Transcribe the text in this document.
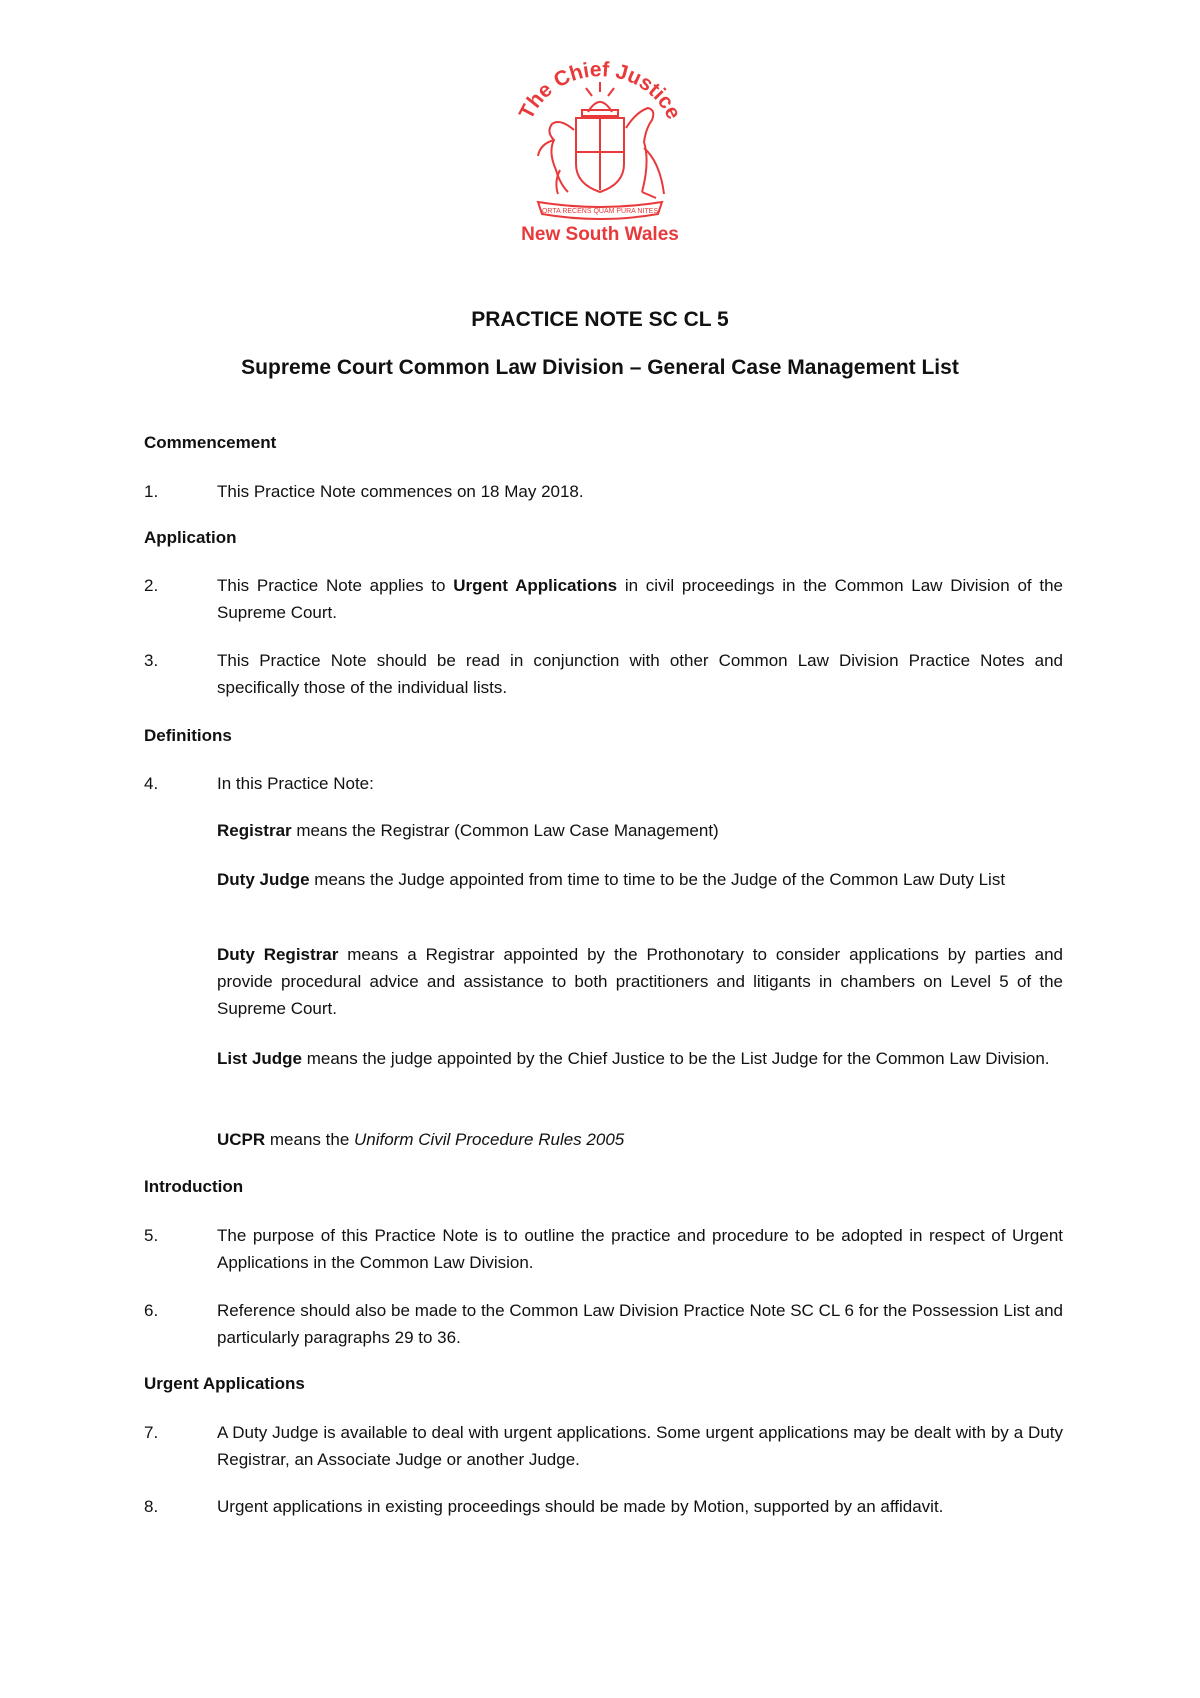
The Chief Justice
ORTA RECENS QUAM PURA NITES
New South Wales
PRACTICE NOTE SC CL 5
Supreme Court Common Law Division – General Case Management List
Commencement
1.	This Practice Note commences on 18 May 2018.
Application
2.	This Practice Note applies to Urgent Applications in civil proceedings in the Common Law Division of the Supreme Court.
3.	This Practice Note should be read in conjunction with other Common Law Division Practice Notes and specifically those of the individual lists.
Definitions
4.	In this Practice Note:
Registrar means the Registrar (Common Law Case Management)
Duty Judge means the Judge appointed from time to time to be the Judge of the Common Law Duty List
Duty Registrar means a Registrar appointed by the Prothonotary to consider applications by parties and provide procedural advice and assistance to both practitioners and litigants in chambers on Level 5 of the Supreme Court.
List Judge means the judge appointed by the Chief Justice to be the List Judge for the Common Law Division.
UCPR means the Uniform Civil Procedure Rules 2005
Introduction
5.	The purpose of this Practice Note is to outline the practice and procedure to be adopted in respect of Urgent Applications in the Common Law Division.
6.	Reference should also be made to the Common Law Division Practice Note SC CL 6 for the Possession List and particularly paragraphs 29 to 36.
Urgent Applications
7.	A Duty Judge is available to deal with urgent applications. Some urgent applications may be dealt with by a Duty Registrar, an Associate Judge or another Judge.
8.	Urgent applications in existing proceedings should be made by Motion, supported by an affidavit.
